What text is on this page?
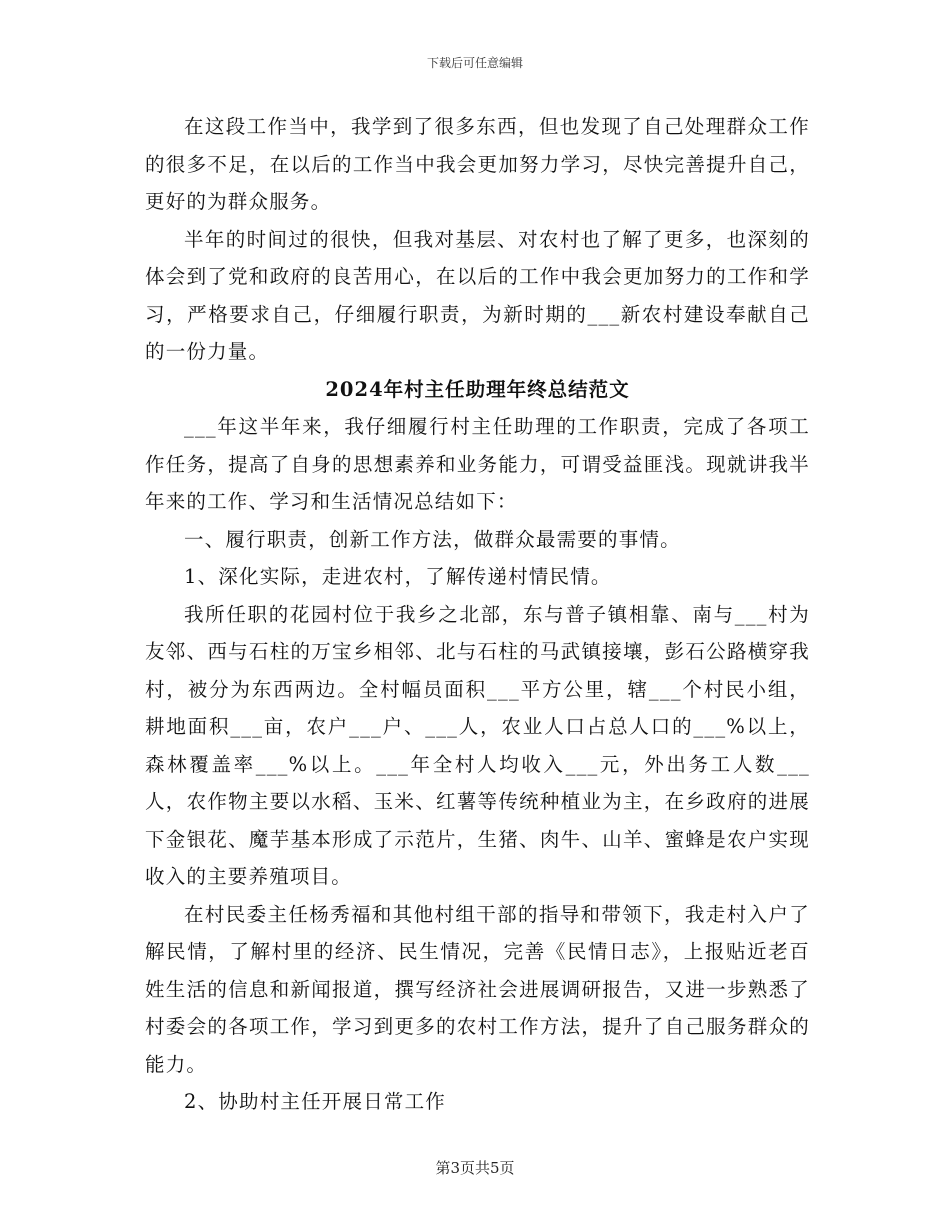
下载后可任意编辑

在这段工作当中，我学到了很多东西，但也发现了自己处理群众工作的很多不足，在以后的工作当中我会更加努力学习，尽快完善提升自己，更好的为群众服务。

半年的时间过的很快，但我对基层、对农村也了解了更多，也深刻的体会到了党和政府的良苦用心，在以后的工作中我会更加努力的工作和学习，严格要求自己，仔细履行职责，为新时期的___新农村建设奉献自己的一份力量。

2024年村主任助理年终总结范文

___年这半年来，我仔细履行村主任助理的工作职责，完成了各项工作任务，提高了自身的思想素养和业务能力，可谓受益匪浅。现就讲我半年来的工作、学习和生活情况总结如下：

一、履行职责，创新工作方法，做群众最需要的事情。

1、深化实际，走进农村，了解传递村情民情。

我所任职的花园村位于我乡之北部，东与普子镇相靠、南与___村为友邻、西与石柱的万宝乡相邻、北与石柱的马武镇接壤，彭石公路横穿我村，被分为东西两边。全村幅员面积___平方公里，辖___个村民小组，耕地面积___亩，农户___户、___人，农业人口占总人口的___%以上，森林覆盖率___%以上。___年全村人均收入___元，外出务工人数___人，农作物主要以水稻、玉米、红薯等传统种植业为主，在乡政府的进展下金银花、魔芋基本形成了示范片，生猪、肉牛、山羊、蜜蜂是农户实现收入的主要养殖项目。

在村民委主任杨秀福和其他村组干部的指导和带领下，我走村入户了解民情，了解村里的经济、民生情况，完善《民情日志》，上报贴近老百姓生活的信息和新闻报道，撰写经济社会进展调研报告，又进一步熟悉了村委会的各项工作，学习到更多的农村工作方法，提升了自己服务群众的能力。

2、协助村主任开展日常工作

第3页共5页
